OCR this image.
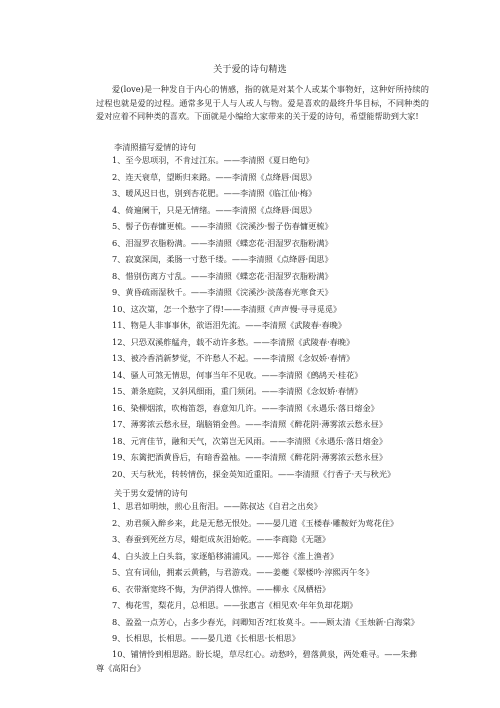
关于爱的诗句精选
爱(love)是一种发自于内心的情感，指的就是对某个人或某个事物好，这种好所持续的过程也就是爱的过程。通常多见于人与人或人与物。爱是喜欢的最终升华目标，不同种类的爱对应着不同种类的喜欢。下面就是小编给大家带来的关于爱的诗句，希望能帮助到大家!
李清照描写爱情的诗句
1、至今思项羽，不肯过江东。——李清照《夏日绝句》
2、连天衰草，望断归来路。——李清照《点绛唇·闺思》
3、暖风迟日也，别到杏花肥。——李清照《临江仙·梅》
4、倚遍阑干，只是无情绪。——李清照《点绛唇·闺思》
5、髻子伤春慵更梳。——李清照《浣溪沙·髻子伤春慵更梳》
6、泪湿罗衣脂粉满。——李清照《蝶恋花·泪湿罗衣脂粉满》
7、寂寞深闺，柔肠一寸愁千缕。——李清照《点绛唇·闺思》
8、惜别伤离方寸乱。——李清照《蝶恋花·泪湿罗衣脂粉满》
9、黄昏疏雨湿秋千。——李清照《浣溪沙·淡荡春光寒食天》
10、这次第，怎一个愁字了得!——李清照《声声慢·寻寻觅觅》
11、物是人非事事休，欲语泪先流。——李清照《武陵春·春晚》
12、只恐双溪舴艋舟，载不动许多愁。——李清照《武陵春·春晚》
13、被冷香消新梦觉，不许愁人不起。——李清照《念奴娇·春情》
14、骚人可煞无情思，何事当年不见收。——李清照《鹧鸪天·桂花》
15、萧条庭院，又斜风细雨，重门须闭。——李清照《念奴娇·春情》
16、染柳烟浓，吹梅笛怨，春意知几许。——李清照《永遇乐·落日熔金》
17、薄雾浓云愁永昼，瑞脑销金兽。——李清照《醉花阴·薄雾浓云愁永昼》
18、元宵佳节，融和天气，次第岂无风雨。——李清照《永遇乐·落日熔金》
19、东篱把酒黄昏后，有暗香盈袖。——李清照《醉花阴·薄雾浓云愁永昼》
20、天与秋光，转转情伤，探金英知近重阳。——李清照《行香子·天与秋光》
关于男女爱情的诗句
1、思君如明烛，煎心且衔泪。——陈叔达《自君之出矣》
2、劝君频入醉乡来，此是无愁无恨处。——晏几道《玉楼春·雕鞍好为莺花住》
3、春蚕到死丝方尽，蜡炬成灰泪始乾。——李商隐《无题》
4、白头波上白头翁，家逐船移浦浦风。——郑谷《淮上渔者》
5、宜有词仙，拥素云黄鹤，与君游戏。——姜夔《翠楼吟·淳熙丙午冬》
6、衣带渐宽终不悔，为伊消得人憔悴。——柳永《凤栖梧》
7、梅花雪，梨花月，总相思。——张惠言《相见欢·年年负却花期》
8、盈盈一点芳心，占多少春光，问卿知否?红妆莫斗。——顾太清《玉烛新·白海棠》
9、长相思，长相思。——晏几道《长相思·长相思》
10、铺情怜到相思路。盼长堤，草尽红心。动愁吟，碧落黄泉，两处难寻。——朱彝
尊《高阳台》
